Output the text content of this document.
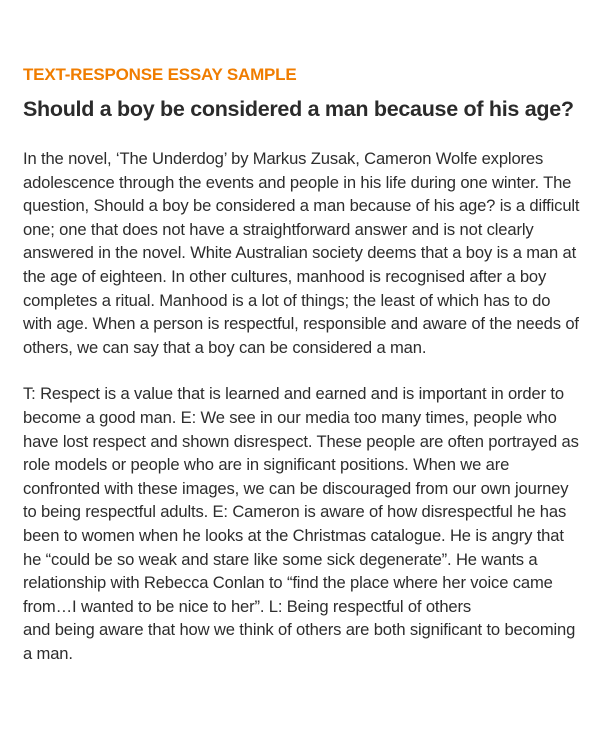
TEXT-RESPONSE ESSAY SAMPLE
Should a boy be considered a man because of his age?

In the novel, ‘The Underdog’ by Markus Zusak, Cameron Wolfe explores
adolescence through the events and people in his life during one winter. The
question, Should a boy be considered a man because of his age? is a difficult
one; one that does not have a straightforward answer and is not clearly
answered in the novel. White Australian society deems that a boy is a man at
the age of eighteen. In other cultures, manhood is recognised after a boy
completes a ritual. Manhood is a lot of things; the least of which has to do
with age. When a person is respectful, responsible and aware of the needs of
others, we can say that a boy can be considered a man.

T: Respect is a value that is learned and earned and is important in order to
become a good man. E: We see in our media too many times, people who
have lost respect and shown disrespect. These people are often portrayed as
role models or people who are in significant positions. When we are
confronted with these images, we can be discouraged from our own journey
to being respectful adults. E: Cameron is aware of how disrespectful he has
been to women when he looks at the Christmas catalogue. He is angry that
he “could be so weak and stare like some sick degenerate”. He wants a
relationship with Rebecca Conlan to “find the place where her voice came
from…I wanted to be nice to her”. L: Being respectful of others
and being aware that how we think of others are both significant to becoming
a man.
